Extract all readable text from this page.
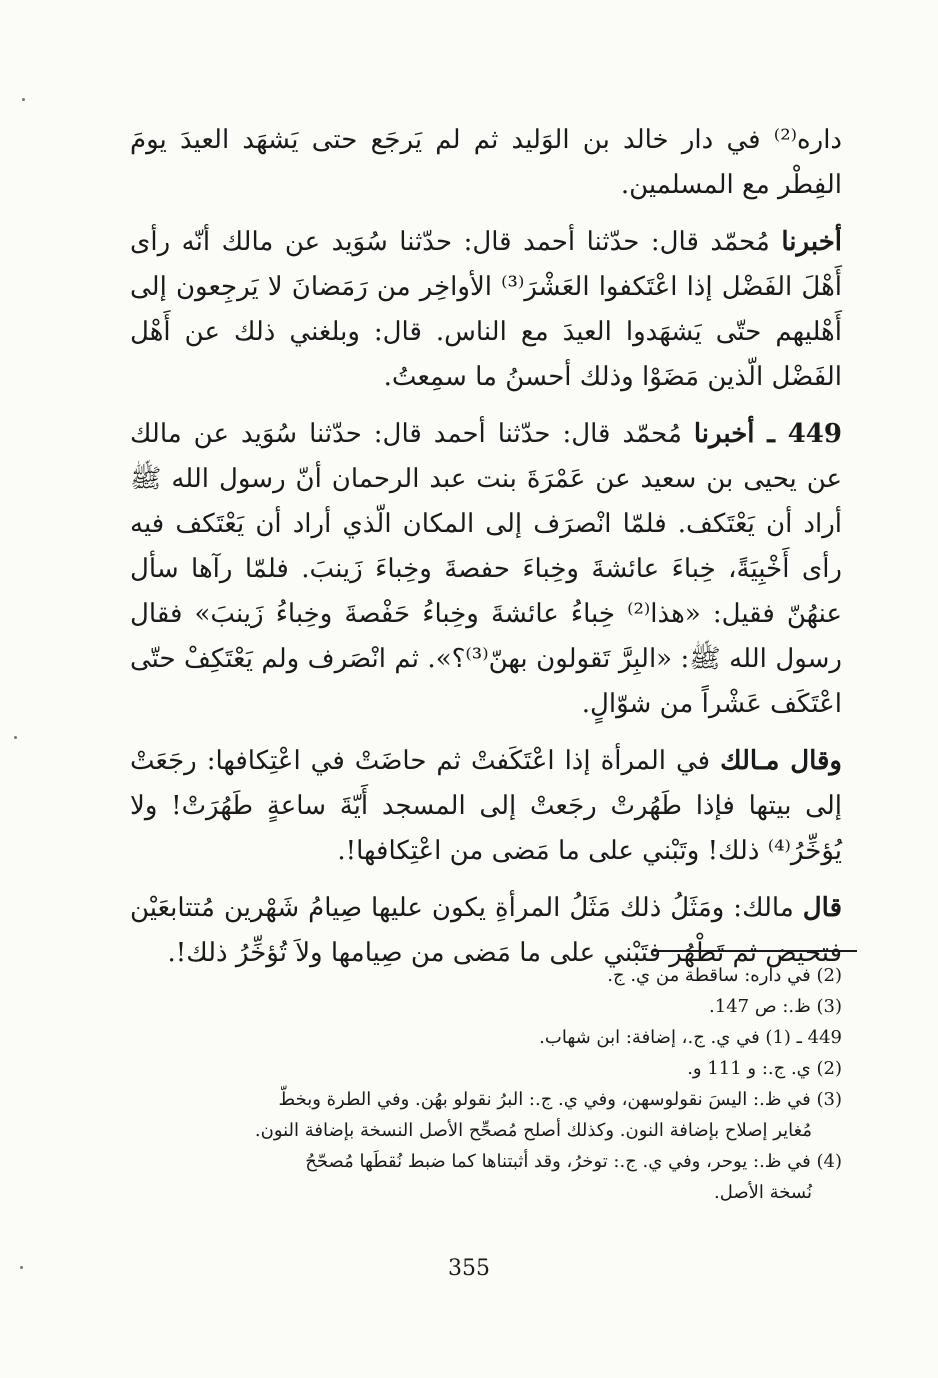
داره⁽²⁾ في دار خالد بن الوَليد ثم لم يَرجَع حتى يَشهَد العيدَ يومَ الفِطْر مع المسلمين.

أخبرنا مُحمّد قال: حدّثنا أحمد قال: حدّثنا سُوَيد عن مالك أنّه رأى أَهْلَ الفَضْل إذا اعْتَكفوا العَشْرَ⁽³⁾ الأواخِر من رَمَضانَ لا يَرجِعون إلى أَهْليهم حتّى يَشهَدوا العيدَ مع الناس. قال: وبلغني ذلك عن أَهْل الفَضْل الّذين مَضَوْا وذلك أحسنُ ما سمِعتُ.

449 ـ أخبرنا مُحمّد قال: حدّثنا أحمد قال: حدّثنا سُوَيد عن مالك عن يحيى بن سعيد عن عَمْرَةَ بنت عبد الرحمان أنّ رسول الله ﷺ أراد أن يَعْتَكف. فلمّا انْصرَف إلى المكان الّذي أراد أن يَعْتَكف فيه رأى أَخْبِيَةً، خِباءَ عائشةَ وخِباءَ حفصةَ وخِباءَ زَينبَ. فلمّا رآها سأل عنهُنّ فقيل: «هذا⁽²⁾ خِباءُ عائشةَ وخِباءُ حَفْصةَ وخِباءُ زَينبَ» فقال رسول الله ﷺ: «البِرَّ تَقولون بهنّ⁽³⁾؟». ثم انْصَرف ولم يَعْتَكِفْ حتّى اعْتَكَف عَشْراً من شوّالٍ.

وقال مـالك في المرأة إذا اعْتَكَفتْ ثم حاضَتْ في اعْتِكافها: رجَعَتْ إلى بيتها فإذا طَهُرتْ رجَعتْ إلى المسجد أَيّةَ ساعةٍ طَهُرَتْ! ولا يُؤخِّرُ⁽⁴⁾ ذلك! وتَبْني على ما مَضى من اعْتِكافها!.

قال مالك: ومَثَلُ ذلك مَثَلُ المرأةِ يكون عليها صِيامُ شَهْرين مُتتابعَيْن فتحيض ثم تَطْهُر فتَبْني على ما مَضى من صِيامها ولاَ تُؤخِّرُ ذلك!.

(2) في داره: ساقطة من ي. ج.

(3) ظ.: ص 147.

449 ـ (1) في ي. ج.، إضافة: ابن شهاب.

(2) ي. ج.: و 111 و.

(3) في ظ.: اليسَ نقولوسهن، وفي ي. ج.: البرُ نقولو بهُن. وفي الطرة وبخطّ

مُغاير إصلاح بإضافة النون. وكذلك أصلح مُصحِّح الأصل النسخة بإضافة النون.

(4) في ظ.: يوحر، وفي ي. ج.: توخرُ، وقد أثبتناها كما ضبط نُقطَها مُصحّحُ

نُسخة الأصل.

355
